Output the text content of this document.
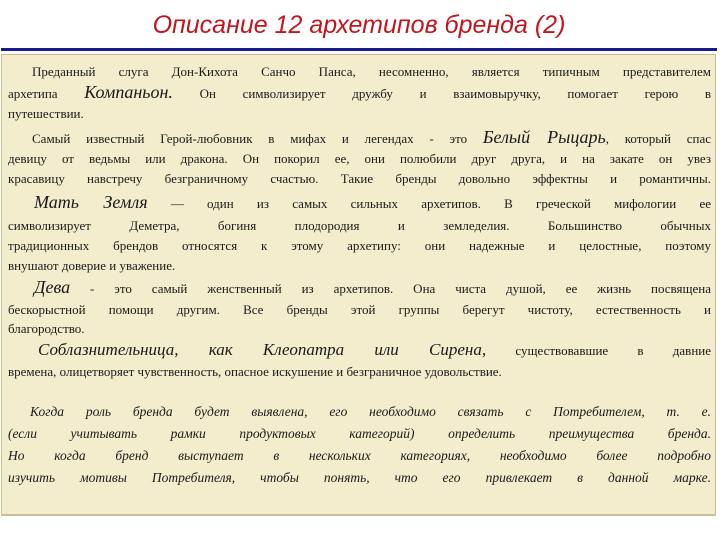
Описание 12 архетипов бренда (2)
Преданный слуга Дон-Кихота Санчо Панса, несомненно, является типичным представителем
архетипа Компаньон. Он символизирует дружбу и взаимовыручку, помогает герою в
путешествии.
Самый известный Герой-любовник в мифах и легендах - это Белый Рыцарь, который спас
девицу от ведьмы или дракона. Он покорил ее, они полюбили друг друга, и на закате он увез
красавицу навстречу безграничному счастью. Такие бренды довольно эффектны и романтичны.
Мать Земля — один из самых сильных архетипов. В греческой мифологии ее
символизирует Деметра, богиня плодородия и земледелия. Большинство обычных
традиционных брендов относятся к этому архетипу: они надежные и целостные, поэтому
внушают доверие и уважение.
Дева - это самый женственный из архетипов. Она чиста душой, ее жизнь посвящена
бескорыстной помощи другим. Все бренды этой группы берегут чистоту, естественность и
благородство.
Соблазнительница, как Клеопатра или Сирена, существовавшие в давние
времена, олицетворяет чувственность, опасное искушение и безграничное удовольствие.
Когда роль бренда будет выявлена, его необходимо связать с Потребителем, т. е.
(если учитывать рамки продуктовых категорий) определить преимущества бренда.
Но когда бренд выступает в нескольких категориях, необходимо более подробно
изучить мотивы Потребителя, чтобы понять, что его привлекает в данной марке.
